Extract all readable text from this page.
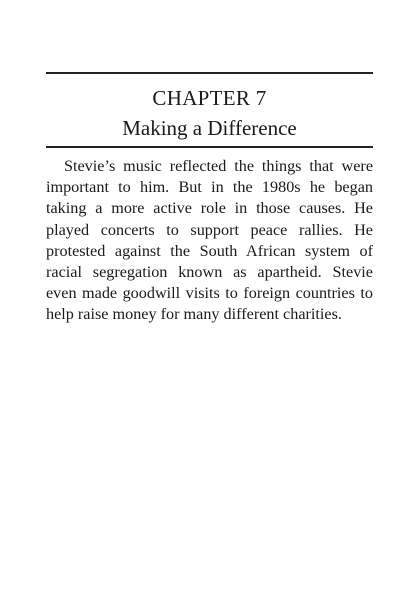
CHAPTER 7
Making a Difference

Stevie’s music reflected the things that were important to him. But in the 1980s he began taking a more active role in those causes. He played concerts to support peace rallies. He protested against the South African system of racial segregation known as apartheid. Stevie even made goodwill visits to foreign countries to help raise money for many different charities.
